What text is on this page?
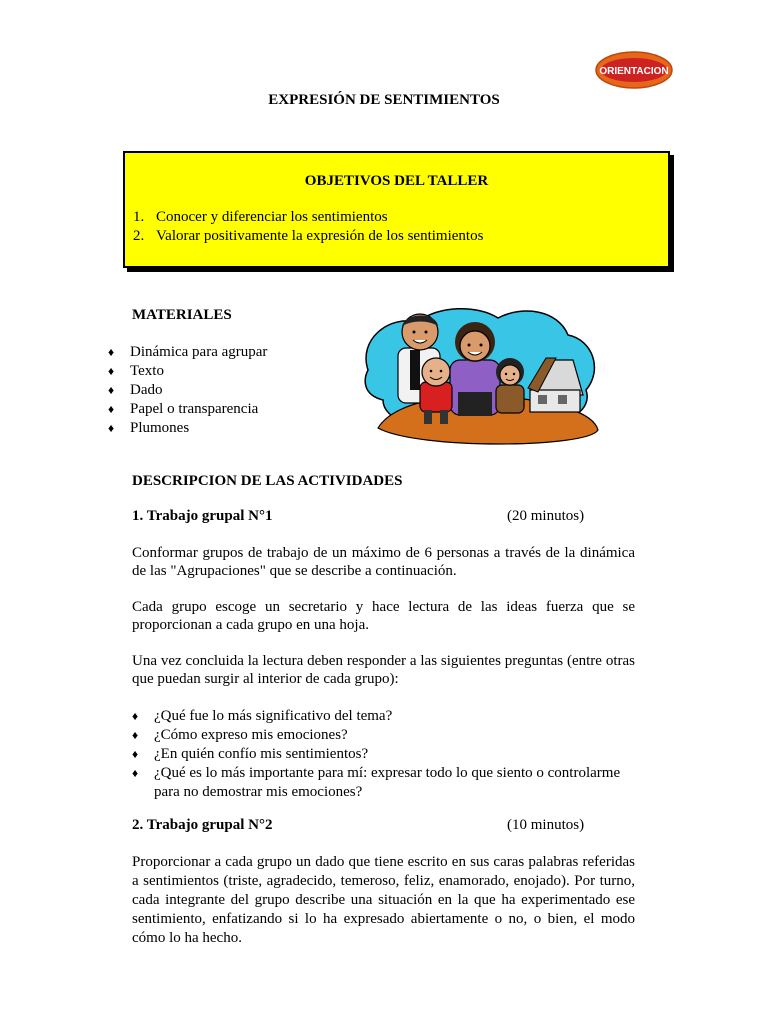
ORIENTACION
EXPRESIÓN DE SENTIMIENTOS
OBJETIVOS DEL TALLER
1. Conocer y diferenciar los sentimientos
2. Valorar positivamente la expresión de los sentimientos
MATERIALES
♦ Dinámica para agrupar
♦ Texto
♦ Dado
♦ Papel o transparencia
♦ Plumones
DESCRIPCION DE LAS ACTIVIDADES
1. Trabajo grupal N°1	(20 minutos)
Conformar grupos de trabajo de un máximo de 6 personas a través de la dinámica de las "Agrupaciones" que se describe a continuación.
Cada grupo escoge un secretario y hace lectura de las ideas fuerza que se proporcionan a cada grupo en una hoja.
Una vez concluida la lectura deben responder a las siguientes preguntas (entre otras que puedan surgir al interior de cada grupo):
♦ ¿Qué fue lo más significativo del tema?
♦ ¿Cómo expreso mis emociones?
♦ ¿En quién confío mis sentimientos?
♦ ¿Qué es lo más importante para mí: expresar todo lo que siento o controlarme para no demostrar mis emociones?
2. Trabajo grupal N°2	(10 minutos)
Proporcionar a cada grupo un dado que tiene escrito en sus caras palabras referidas a sentimientos (triste, agradecido, temeroso, feliz, enamorado, enojado). Por turno, cada integrante del grupo describe una situación en la que ha experimentado ese sentimiento, enfatizando si lo ha expresado abiertamente o no, o bien, el modo cómo lo ha hecho.
